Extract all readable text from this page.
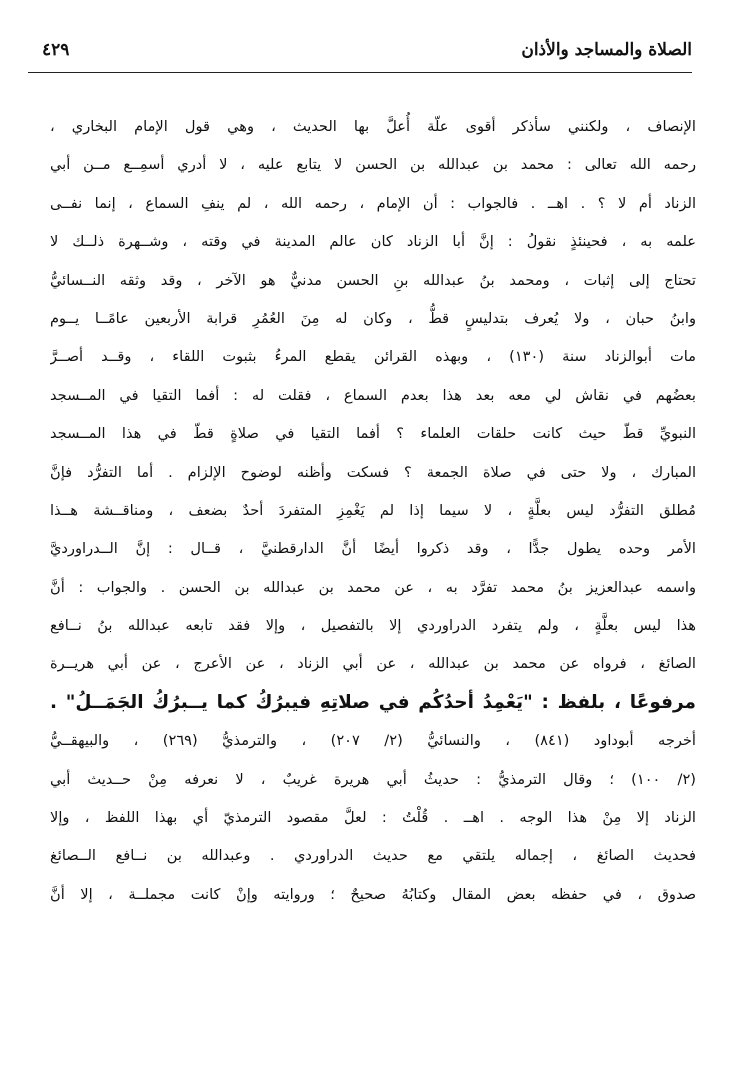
الصلاة والمساجد والأذان
٤٢٩
الإنصاف ، ولكنني سأذكر أقوى علّة أُعلَّ بها الحديث ، وهي قول الإمام البخاري ،
رحمه الله تعالى : محمد بن عبدالله بن الحسن لا يتابع عليه ، لا أدري أسمِــع مــن أبي
الزناد أم لا ؟ . اهــ . فالجواب : أن الإمام ، رحمه الله ، لم ينفِ السماع ، إنما نفــى
علمه به ، فحينئذٍ نقولُ : إنَّ أبا الزناد كان عالم المدينة في وقته ، وشــهرة ذلــك لا
تحتاج إلى إثبات ، ومحمد بنُ عبدالله بنِ الحسن مدنيٌّ هو الآخر ، وقد وثقه النــسائيُّ
وابنُ حبان ، ولا يُعرف بتدليسٍ قطُّ ، وكان له مِنَ العُمُرِ قرابة الأربعين عامًــا يــوم
مات أبوالزناد سنة (١٣٠) ، وبهذه القرائن يقطع المرءُ بثبوت اللقاء ، وقــد أصــرَّ
بعضُهم في نقاش لي معه بعد هذا بعدم السماع ، فقلت له : أفما التقيا في المــسجد
النبويِّ قطّ حيث كانت حلقات العلماء ؟ أفما التقيا في صلاةٍ قطّ في هذا المــسجد
المبارك ، ولا حتى في صلاة الجمعة ؟ فسكت وأظنه لوضوح الإلزام . أما التفرُّد فإنَّ
مُطلق التفرُّد ليس بعلَّةٍ ، لا سيما إذا لم يَغْمِزِ المتفردَ أحدٌ بضعف ، ومناقــشة هــذا
الأمر وحده يطول جدًّا ، وقد ذكروا أيضًا أنَّ الدارقطنيَّ ، قــال : إنَّ الــدراورديَّ
واسمه عبدالعزيز بنُ محمد تفرَّد به ، عن محمد بن عبدالله بن الحسن . والجواب : أنَّ
هذا ليس بعلَّةٍ ، ولم يتفرد الدراوردي إلا بالتفصيل ، وإلا فقد تابعه عبدالله بنُ نــافع
الصائغ ، فرواه عن محمد بن عبدالله ، عن أبي الزناد ، عن الأعرج ، عن أبي هريــرة
مرفوعًا ، بلفظ : "يَعْمِدُ أحدُكُم في صلاتِهِ فيبرُكُ كما يــبرُكُ الجَمَــلُ" .
أخرجه أبوداود (٨٤١) ، والنسائيُّ (٢/ ٢٠٧) ، والترمذيُّ (٢٦٩) ، والبيهقــيُّ
(٢/ ١٠٠) ؛ وقال الترمذيُّ : حديثُ أبي هريرة غريبٌ ، لا نعرفه مِنْ حــديث أبي
الزناد إلا مِنْ هذا الوجه . اهــ . قُلْتُ : لعلَّ مقصود الترمذيّ أي بهذا اللفظ ، وإلا
فحديث الصائغ ، إجماله يلتقي مع حديث الدراوردي . وعبدالله بن نــافع الــصائغ
صدوق ، في حفظه بعض المقال وكتابُهُ صحيحٌ ؛ وروايته وإنْ كانت مجملــة ، إلا أنَّ
